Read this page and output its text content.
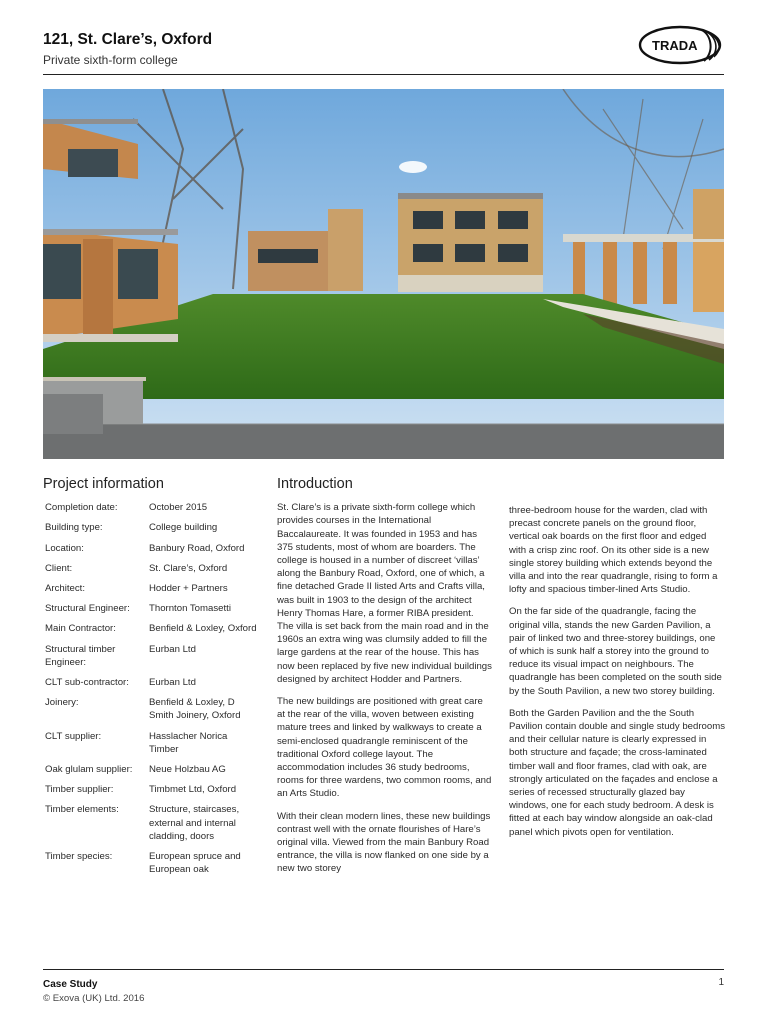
121, St. Clare’s, Oxford
Private sixth-form college
TRADA
Project information
Completion date:	October 2015
Building type:	College building
Location:	Banbury Road, Oxford
Client:	St. Clare’s, Oxford
Architect:	Hodder + Partners
Structural Engineer:	Thornton Tomasetti
Main Contractor:	Benfield & Loxley, Oxford
Structural timber Engineer:	Eurban Ltd
CLT sub-contractor:	Eurban Ltd
Joinery:	Benfield & Loxley, D Smith Joinery, Oxford
CLT supplier:	Hasslacher Norica Timber
Oak glulam supplier:	Neue Holzbau AG
Timber supplier:	Timbmet Ltd, Oxford
Timber elements:	Structure, staircases, external and internal cladding, doors
Timber species:	European spruce and European oak
Introduction

St. Clare’s is a private sixth-form college which provides courses in the International Baccalaureate. It was founded in 1953 and has 375 students, most of whom are boarders. The college is housed in a number of discreet ‘villas’ along the Banbury Road, Oxford, one of which, a fine detached Grade II listed Arts and Crafts villa, was built in 1903 to the design of the architect Henry Thomas Hare, a former RIBA president. The villa is set back from the main road and in the 1960s an extra wing was clumsily added to fill the large gardens at the rear of the house. This has now been replaced by five new individual buildings designed by architect Hodder and Partners.

The new buildings are positioned with great care at the rear of the villa, woven between existing mature trees and linked by walkways to create a semi-enclosed quadrangle reminiscent of the traditional Oxford college layout. The accommodation includes 36 study bedrooms, rooms for three wardens, two common rooms, and an Arts Studio.

With their clean modern lines, these new buildings contrast well with the ornate flourishes of Hare’s original villa. Viewed from the main Banbury Road entrance, the villa is now flanked on one side by a new two storey

three-bedroom house for the warden, clad with precast concrete panels on the ground floor, vertical oak boards on the first floor and edged with a crisp zinc roof. On its other side is a new single storey building which extends beyond the villa and into the rear quadrangle, rising to form a lofty and spacious timber-lined Arts Studio.

On the far side of the quadrangle, facing the original villa, stands the new Garden Pavilion, a pair of linked two and three-storey buildings, one of which is sunk half a storey into the ground to reduce its visual impact on neighbours. The quadrangle has been completed on the south side by the South Pavilion, a new two storey building.

Both the Garden Pavilion and the the South Pavilion contain double and single study bedrooms and their cellular nature is clearly expressed in both structure and façade; the cross-laminated timber wall and floor frames, clad with oak, are strongly articulated on the façades and enclose a series of recessed structurally glazed bay windows, one for each study bedroom. A desk is fitted at each bay window alongside an oak-clad panel which pivots open for ventilation.

Case Study
© Exova (UK) Ltd. 2016
1
